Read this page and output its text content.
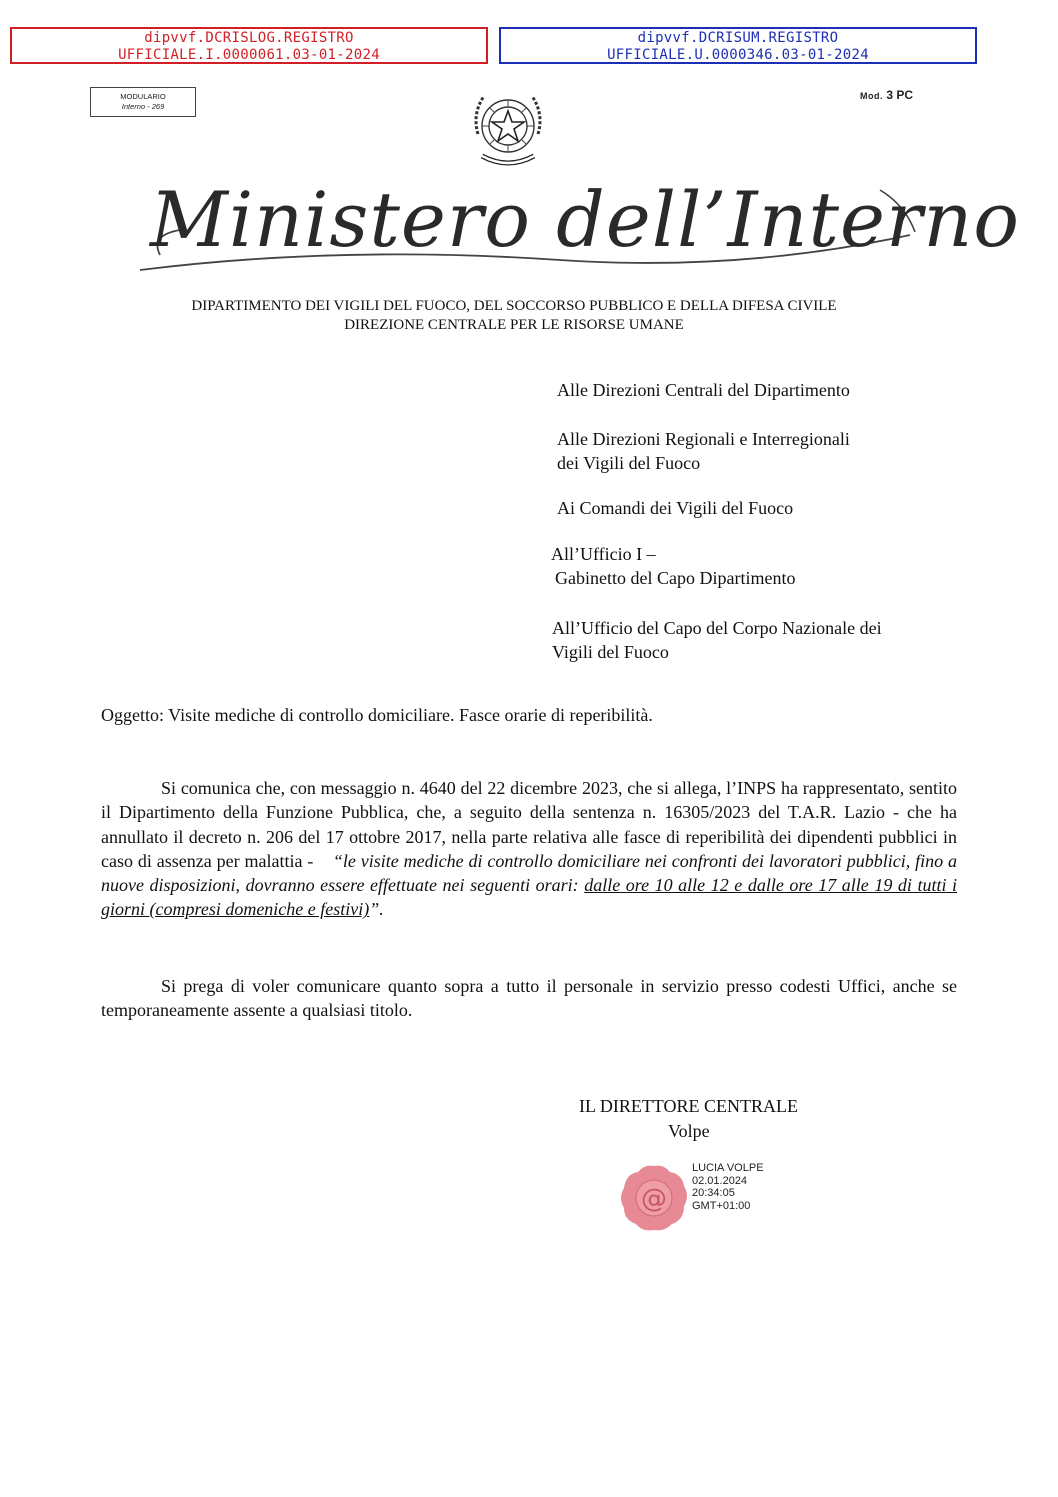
dipvvf.DCRISLOG.REGISTRO
UFFICIALE.I.0000061.03-01-2024
dipvvf.DCRISUM.REGISTRO
UFFICIALE.U.0000346.03-01-2024
MODULARIO
Interno - 269
Mod. 3 PC
Ministero dell’Interno
DIPARTIMENTO DEI VIGILI DEL FUOCO, DEL SOCCORSO PUBBLICO E DELLA DIFESA CIVILE
DIREZIONE CENTRALE PER LE RISORSE UMANE
Alle Direzioni Centrali del Dipartimento
Alle Direzioni Regionali e Interregionali
dei Vigili del Fuoco
Ai Comandi dei Vigili del Fuoco
All’Ufficio I –
Gabinetto del Capo Dipartimento
All’Ufficio del Capo del Corpo Nazionale dei
Vigili del Fuoco
Oggetto: Visite mediche di controllo domiciliare. Fasce orarie di reperibilità.
Si comunica che, con messaggio n. 4640 del 22 dicembre 2023, che si allega, l’INPS ha rappresentato, sentito il Dipartimento della Funzione Pubblica, che, a seguito della sentenza n. 16305/2023 del T.A.R. Lazio - che ha annullato il decreto n. 206 del 17 ottobre 2017, nella parte relativa alle fasce di reperibilità dei dipendenti pubblici in caso di assenza per malattia - “le visite mediche di controllo domiciliare nei confronti dei lavoratori pubblici, fino a nuove disposizioni, dovranno essere effettuate nei seguenti orari: dalle ore 10 alle 12 e dalle ore 17 alle 19 di tutti i giorni (compresi domeniche e festivi)”.
Si prega di voler comunicare quanto sopra a tutto il personale in servizio presso codesti Uffici, anche se temporaneamente assente a qualsiasi titolo.
IL DIRETTORE CENTRALE
Volpe
@
LUCIA VOLPE
02.01.2024
20:34:05
GMT+01:00
